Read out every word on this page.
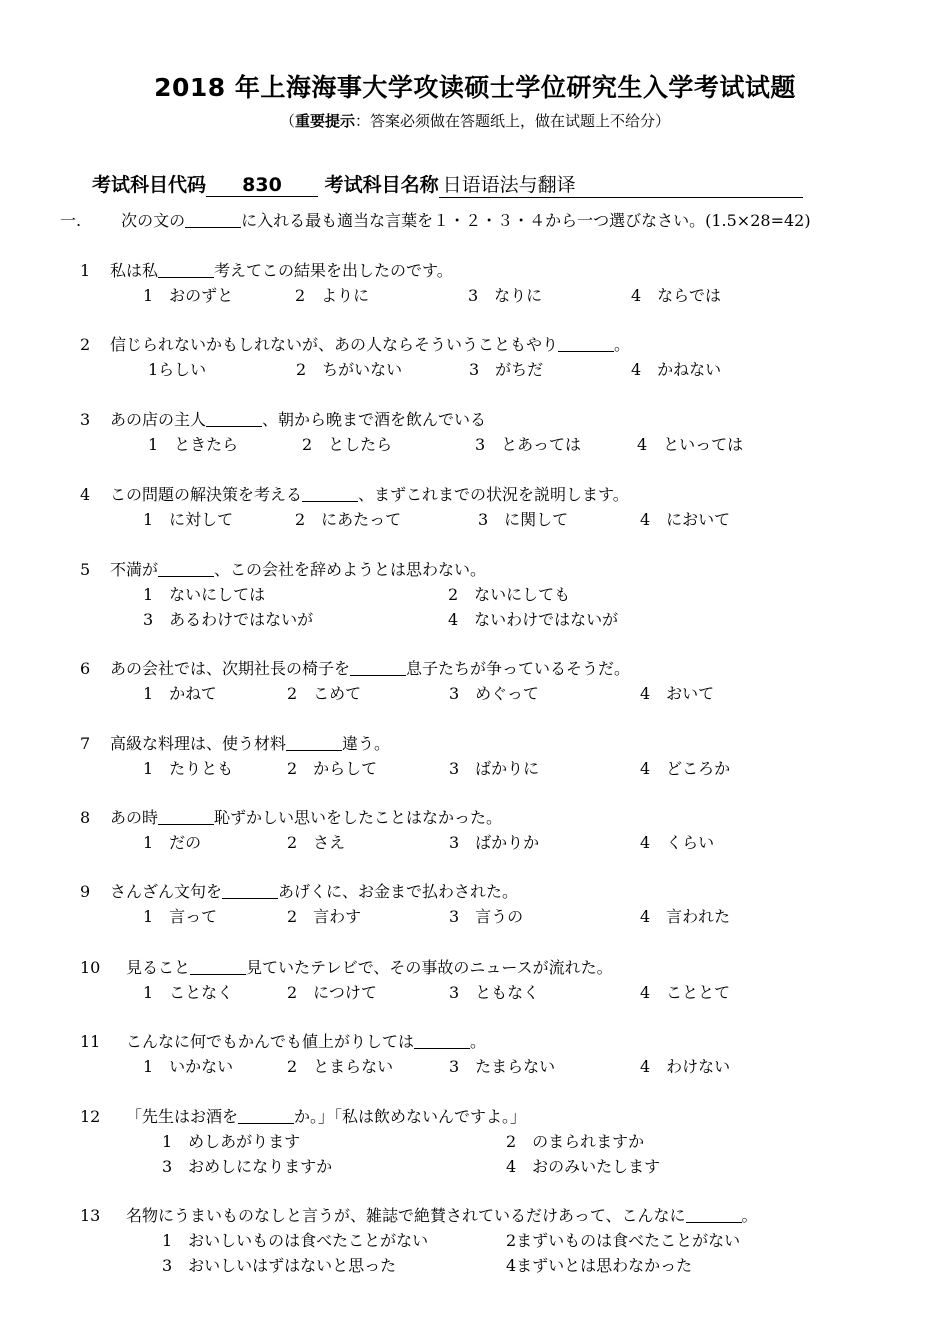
2018 年上海海事大学攻读硕士学位研究生入学考试试题
（重要提示：答案必须做在答题纸上，做在试题上不给分）
考试科目代码 830 考试科目名称 日语语法与翻译
一.	次の文の	に入れる最も適当な言葉を１・２・３・４から一つ選びなさい。(1.5×28=42)
1 私は私	考えてこの結果を出したのです。
1　おのずと	2　よりに	3　なりに	4　ならでは
2 信じられないかもしれないが、あの人ならそういうこともやり	。
1らしい	2　ちがいない	3　がちだ	4　かねない
3 あの店の主人	、朝から晩まで酒を飲んでいる
1　ときたら	2　としたら	3　とあっては	4　といっては
4 この問題の解決策を考える	、まずこれまでの状況を説明します。
1　に対して	2　にあたって	3　に関して	4　において
5 不満が	、この会社を辞めようとは思わない。
1　ないにしては	2　ないにしても
3　あるわけではないが	4　ないわけではないが
6 あの会社では、次期社長の椅子を	息子たちが争っているそうだ。
1　かねて	2　こめて	3　めぐって	4　おいて
7 高級な料理は、使う材料	違う。
1　たりとも	2　からして	3　ばかりに	4　どころか
8 あの時	恥ずかしい思いをしたことはなかった。
1　だの	2　さえ	3　ばかりか	4　くらい
9 さんざん文句を	あげくに、お金まで払わされた。
1　言って	2　言わす	3　言うの	4　言われた
10 見ること	見ていたテレビで、その事故のニュースが流れた。
1　ことなく	2　につけて	3　ともなく	4　こととて
11 こんなに何でもかんでも値上がりしては	。
1　いかない	2　とまらない	3　たまらない	4　わけない
12 「先生はお酒を	か。」「私は飲めないんですよ。」
1　めしあがります	2　のまられますか
3　おめしになりますか	4　おのみいたします
13 名物にうまいものなしと言うが、雑誌で絶賛されているだけあって、こんなに	。
1　おいしいものは食べたことがない	2まずいものは食べたことがない
3　おいしいはずはないと思った	4まずいとは思わなかった
